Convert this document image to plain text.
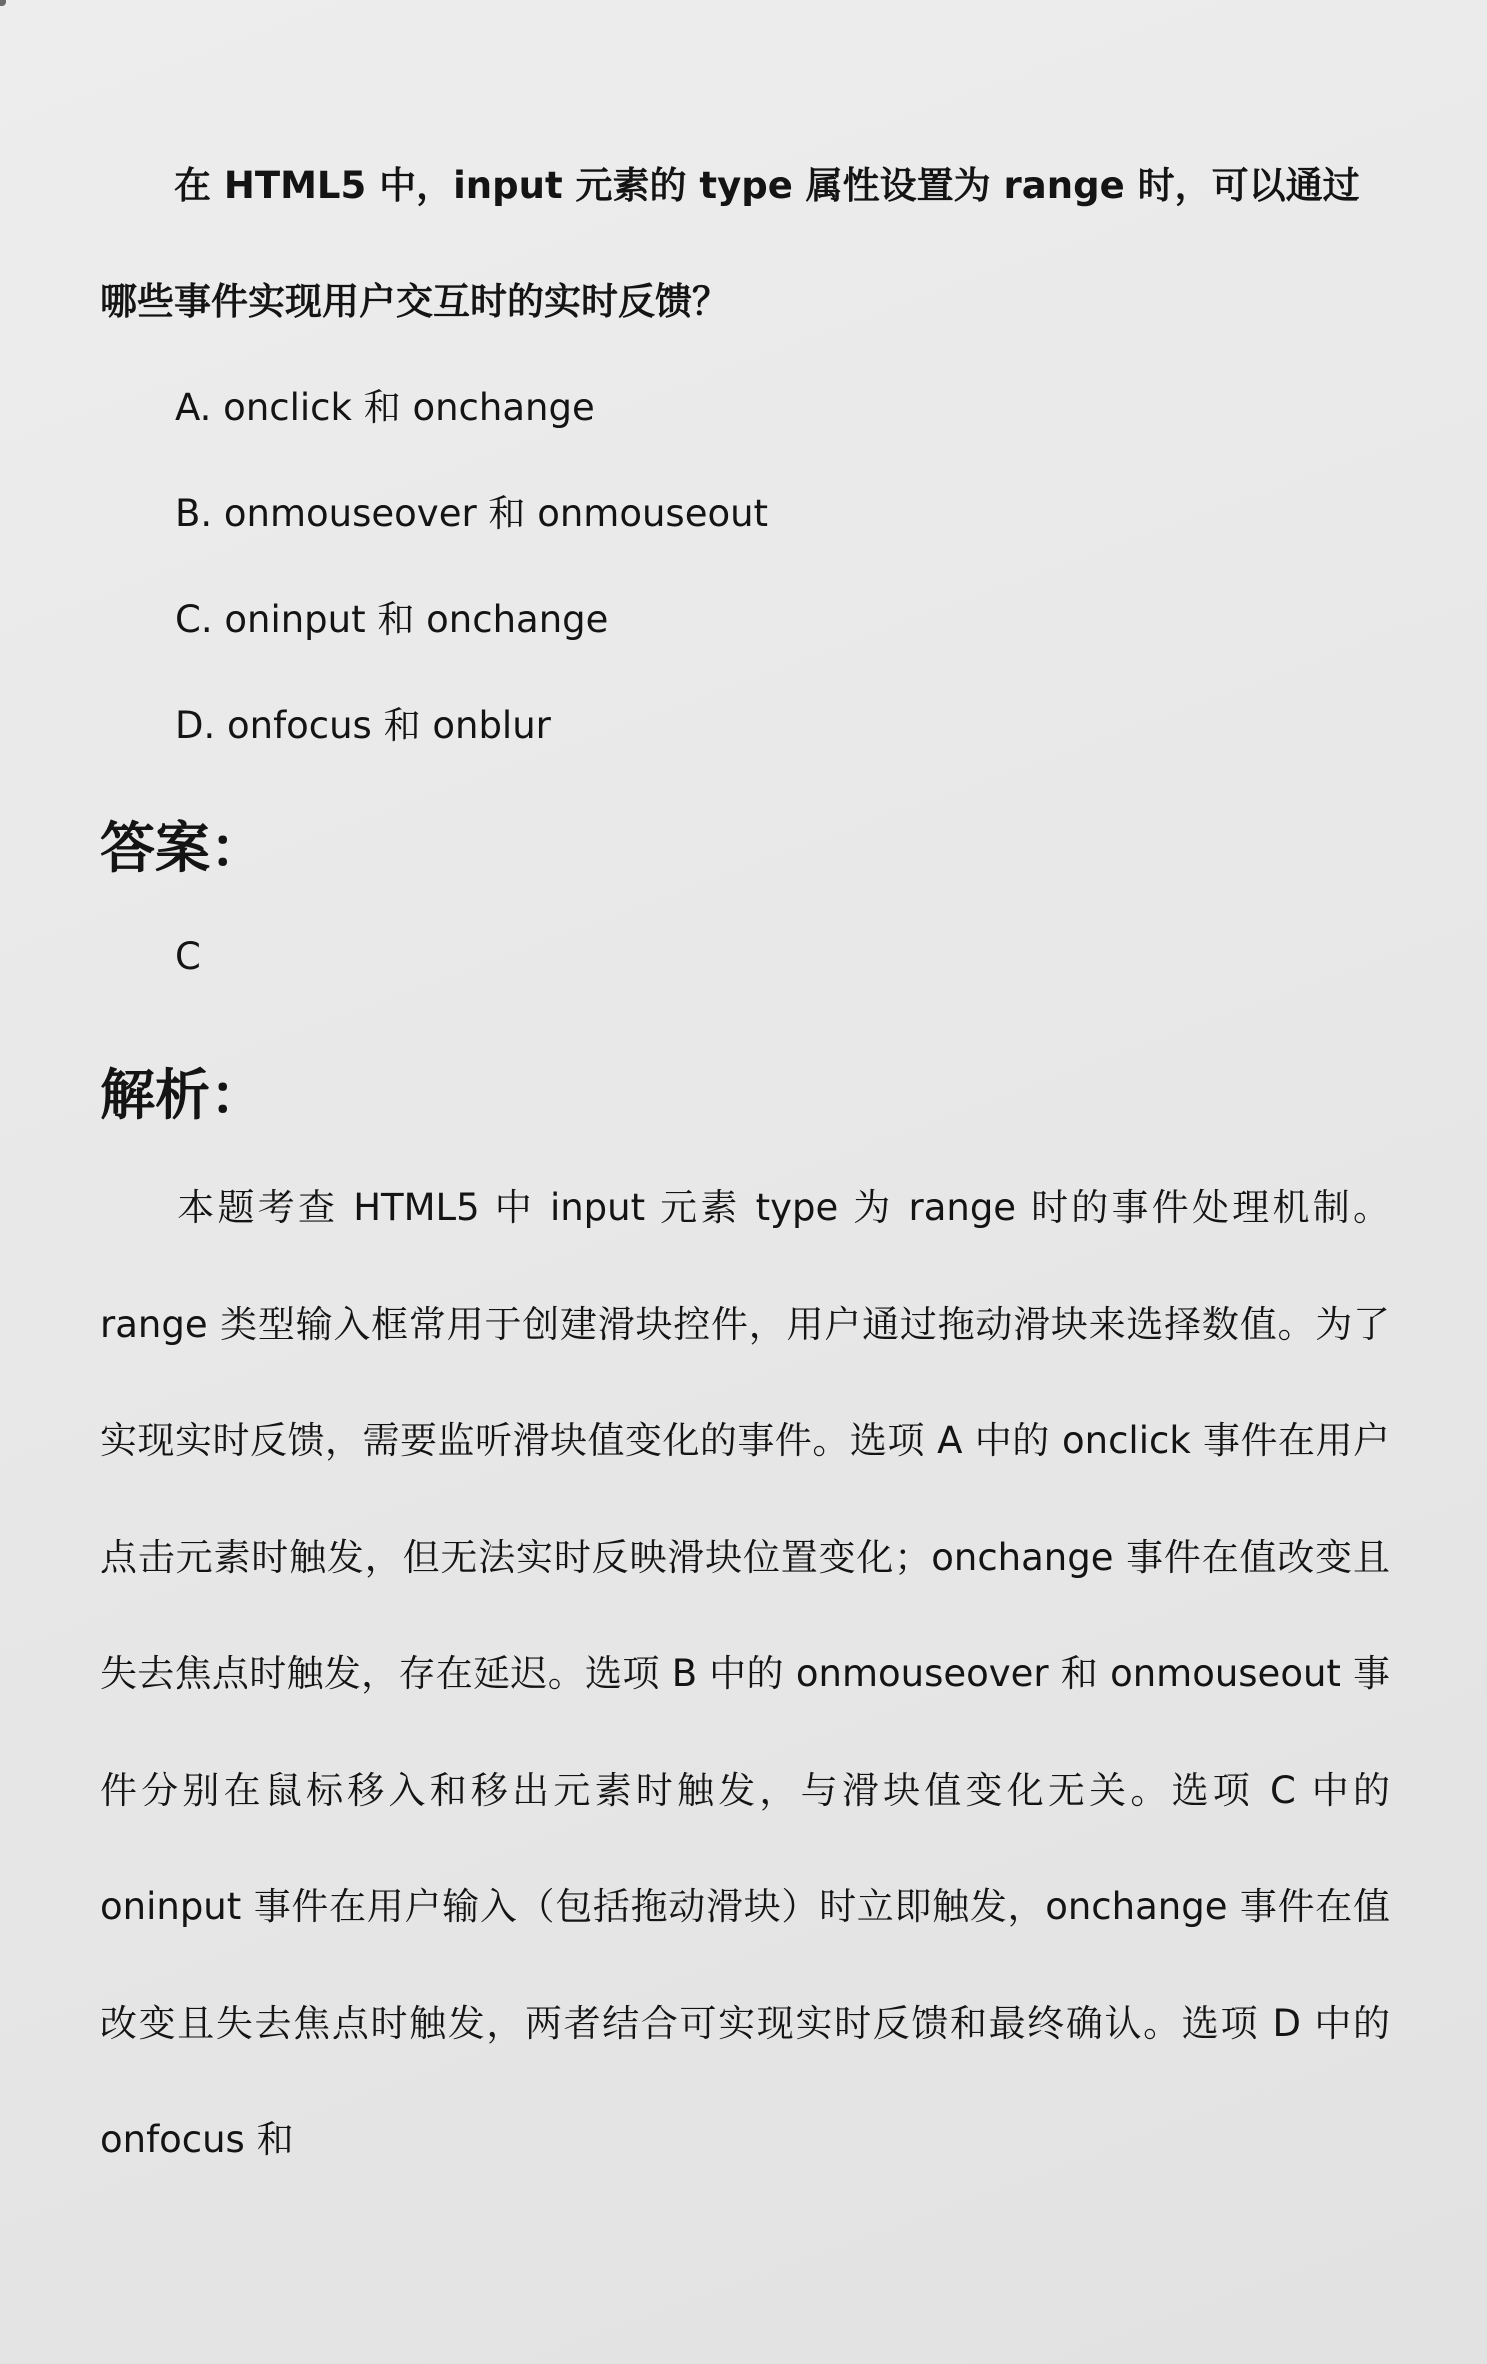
在 HTML5 中，input 元素的 type 属性设置为 range 时，可以通过哪些事件实现用户交互时的实时反馈？

A. onclick 和 onchange
B. onmouseover 和 onmouseout
C. oninput 和 onchange
D. onfocus 和 onblur
答案：

C

解析：

本题考查 HTML5 中 input 元素 type 为 range 时的事件处理机制。range 类型输入框常用于创建滑块控件，用户通过拖动滑块来选择数值。为了实现实时反馈，需要监听滑块值变化的事件。选项 A 中的 onclick 事件在用户点击元素时触发，但无法实时反映滑块位置变化；onchange 事件在值改变且失去焦点时触发，存在延迟。选项 B 中的 onmouseover 和 onmouseout 事件分别在鼠标移入和移出元素时触发，与滑块值变化无关。选项 C 中的 oninput 事件在用户输入（包括拖动滑块）时立即触发，onchange 事件在值改变且失去焦点时触发，两者结合可实现实时反馈和最终确认。选项 D 中的 onfocus 和
